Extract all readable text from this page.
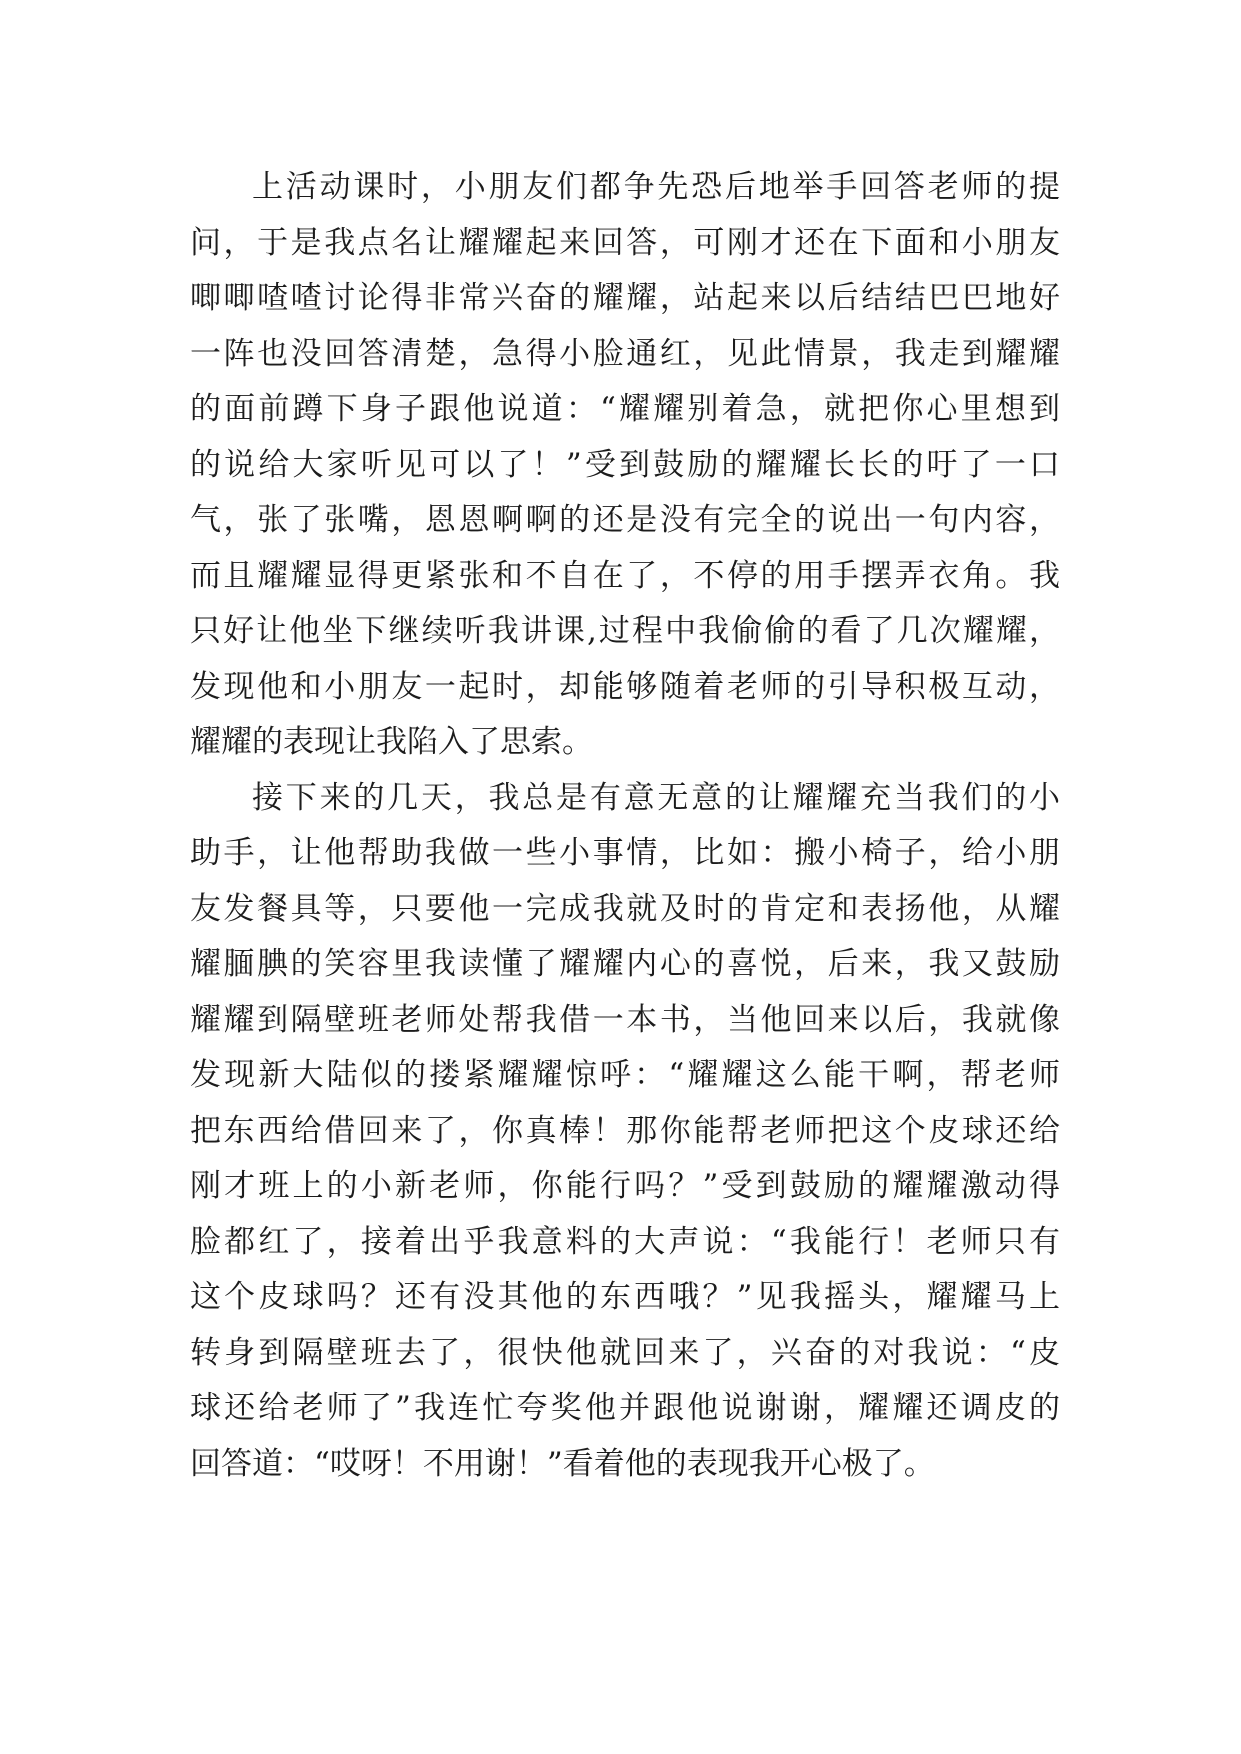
上活动课时，小朋友们都争先恐后地举手回答老师的提
问，于是我点名让耀耀起来回答，可刚才还在下面和小朋友
唧唧喳喳讨论得非常兴奋的耀耀，站起来以后结结巴巴地好
一阵也没回答清楚，急得小脸通红，见此情景，我走到耀耀
的面前蹲下身子跟他说道：“耀耀别着急，就把你心里想到
的说给大家听见可以了！”受到鼓励的耀耀长长的吁了一口
气，张了张嘴，恩恩啊啊的还是没有完全的说出一句内容，
而且耀耀显得更紧张和不自在了，不停的用手摆弄衣角。我
只好让他坐下继续听我讲课,过程中我偷偷的看了几次耀耀，
发现他和小朋友一起时，却能够随着老师的引导积极互动，
耀耀的表现让我陷入了思索。
接下来的几天，我总是有意无意的让耀耀充当我们的小
助手，让他帮助我做一些小事情，比如：搬小椅子，给小朋
友发餐具等，只要他一完成我就及时的肯定和表扬他，从耀
耀腼腆的笑容里我读懂了耀耀内心的喜悦，后来，我又鼓励
耀耀到隔壁班老师处帮我借一本书，当他回来以后，我就像
发现新大陆似的搂紧耀耀惊呼：“耀耀这么能干啊，帮老师
把东西给借回来了，你真棒！那你能帮老师把这个皮球还给
刚才班上的小新老师，你能行吗？”受到鼓励的耀耀激动得
脸都红了，接着出乎我意料的大声说：“我能行！老师只有
这个皮球吗？还有没其他的东西哦？”见我摇头，耀耀马上
转身到隔壁班去了，很快他就回来了，兴奋的对我说：“皮
球还给老师了”我连忙夸奖他并跟他说谢谢，耀耀还调皮的
回答道：“哎呀！不用谢！”看着他的表现我开心极了。
